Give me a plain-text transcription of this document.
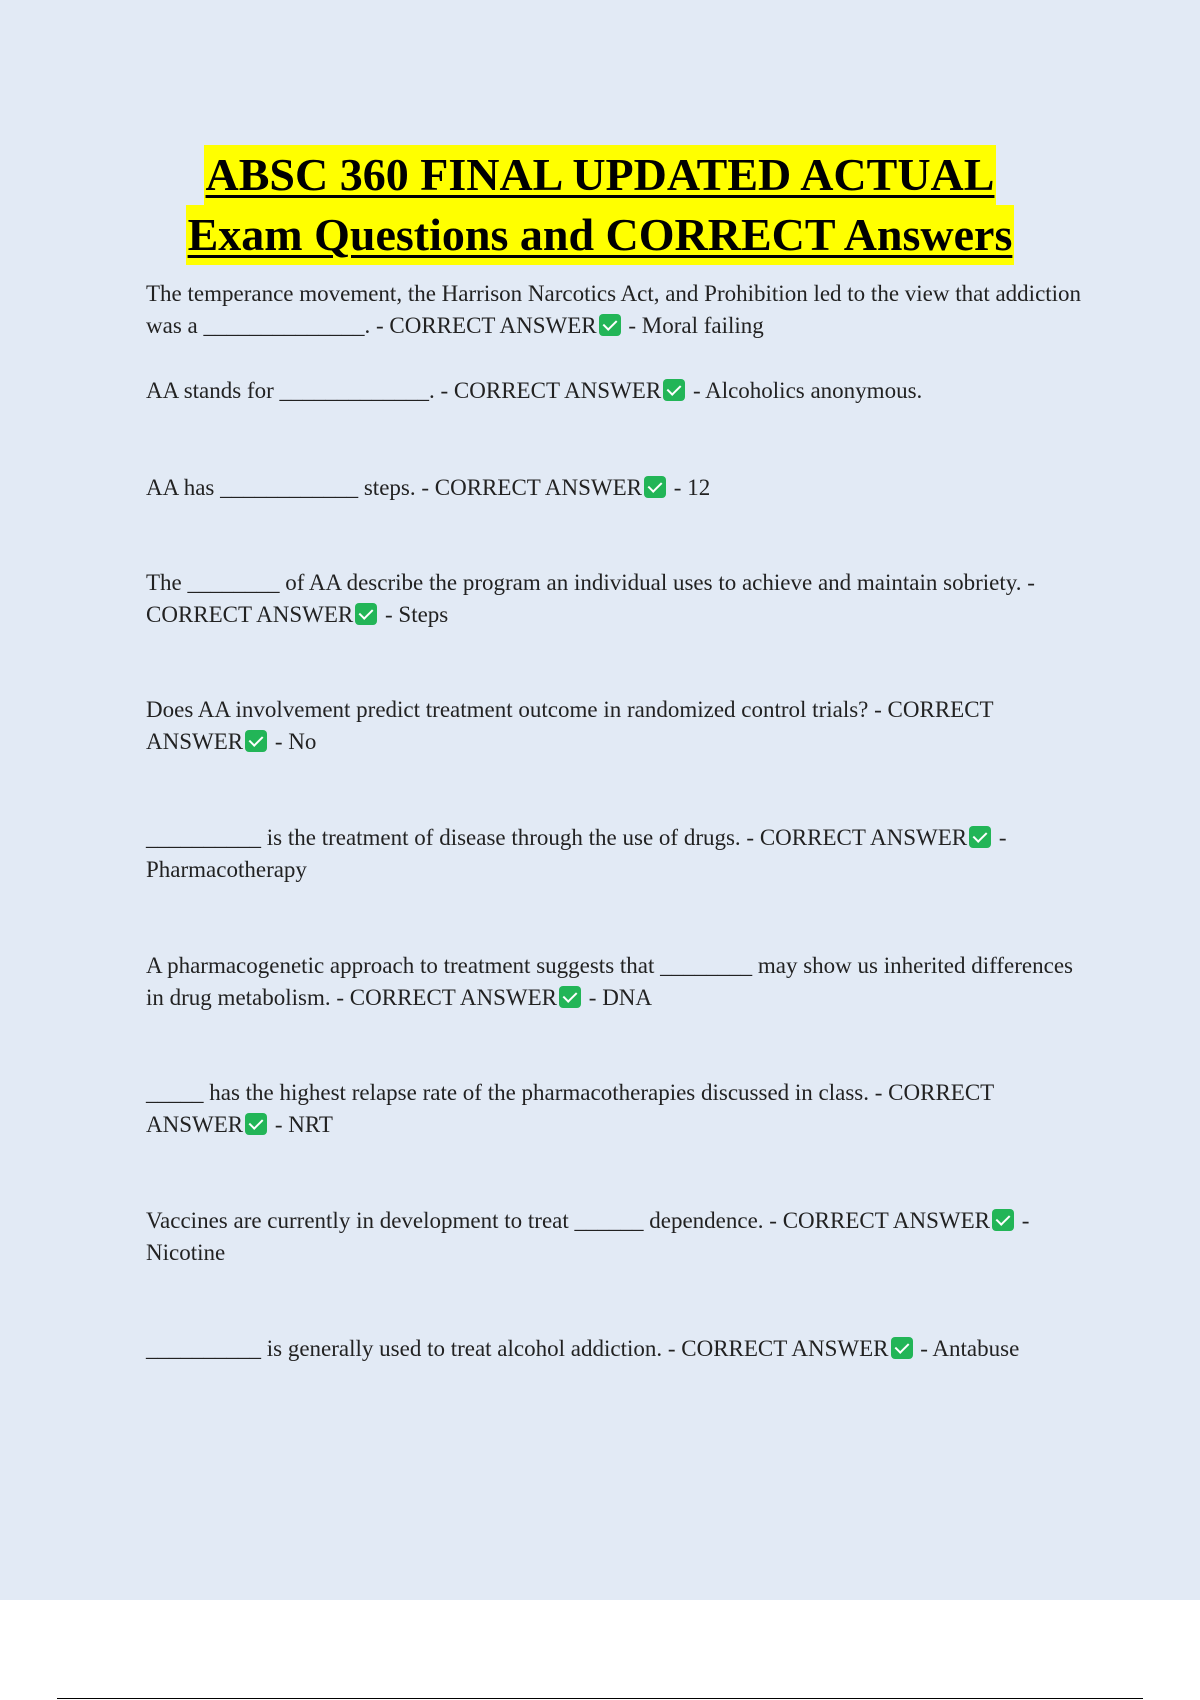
ABSC 360 FINAL UPDATED ACTUAL
Exam Questions and CORRECT Answers
The temperance movement, the Harrison Narcotics Act, and Prohibition led to the view that addiction was a ______________. - CORRECT ANSWER - Moral failing
AA stands for _____________. - CORRECT ANSWER - Alcoholics anonymous.
AA has ____________ steps. - CORRECT ANSWER - 12
The ________ of AA describe the program an individual uses to achieve and maintain sobriety. - CORRECT ANSWER - Steps
Does AA involvement predict treatment outcome in randomized control trials? - CORRECT ANSWER - No
__________ is the treatment of disease through the use of drugs. - CORRECT ANSWER - Pharmacotherapy
A pharmacogenetic approach to treatment suggests that ________ may show us inherited differences in drug metabolism. - CORRECT ANSWER - DNA
_____ has the highest relapse rate of the pharmacotherapies discussed in class. - CORRECT ANSWER - NRT
Vaccines are currently in development to treat ______ dependence. - CORRECT ANSWER - Nicotine
__________ is generally used to treat alcohol addiction. - CORRECT ANSWER - Antabuse
